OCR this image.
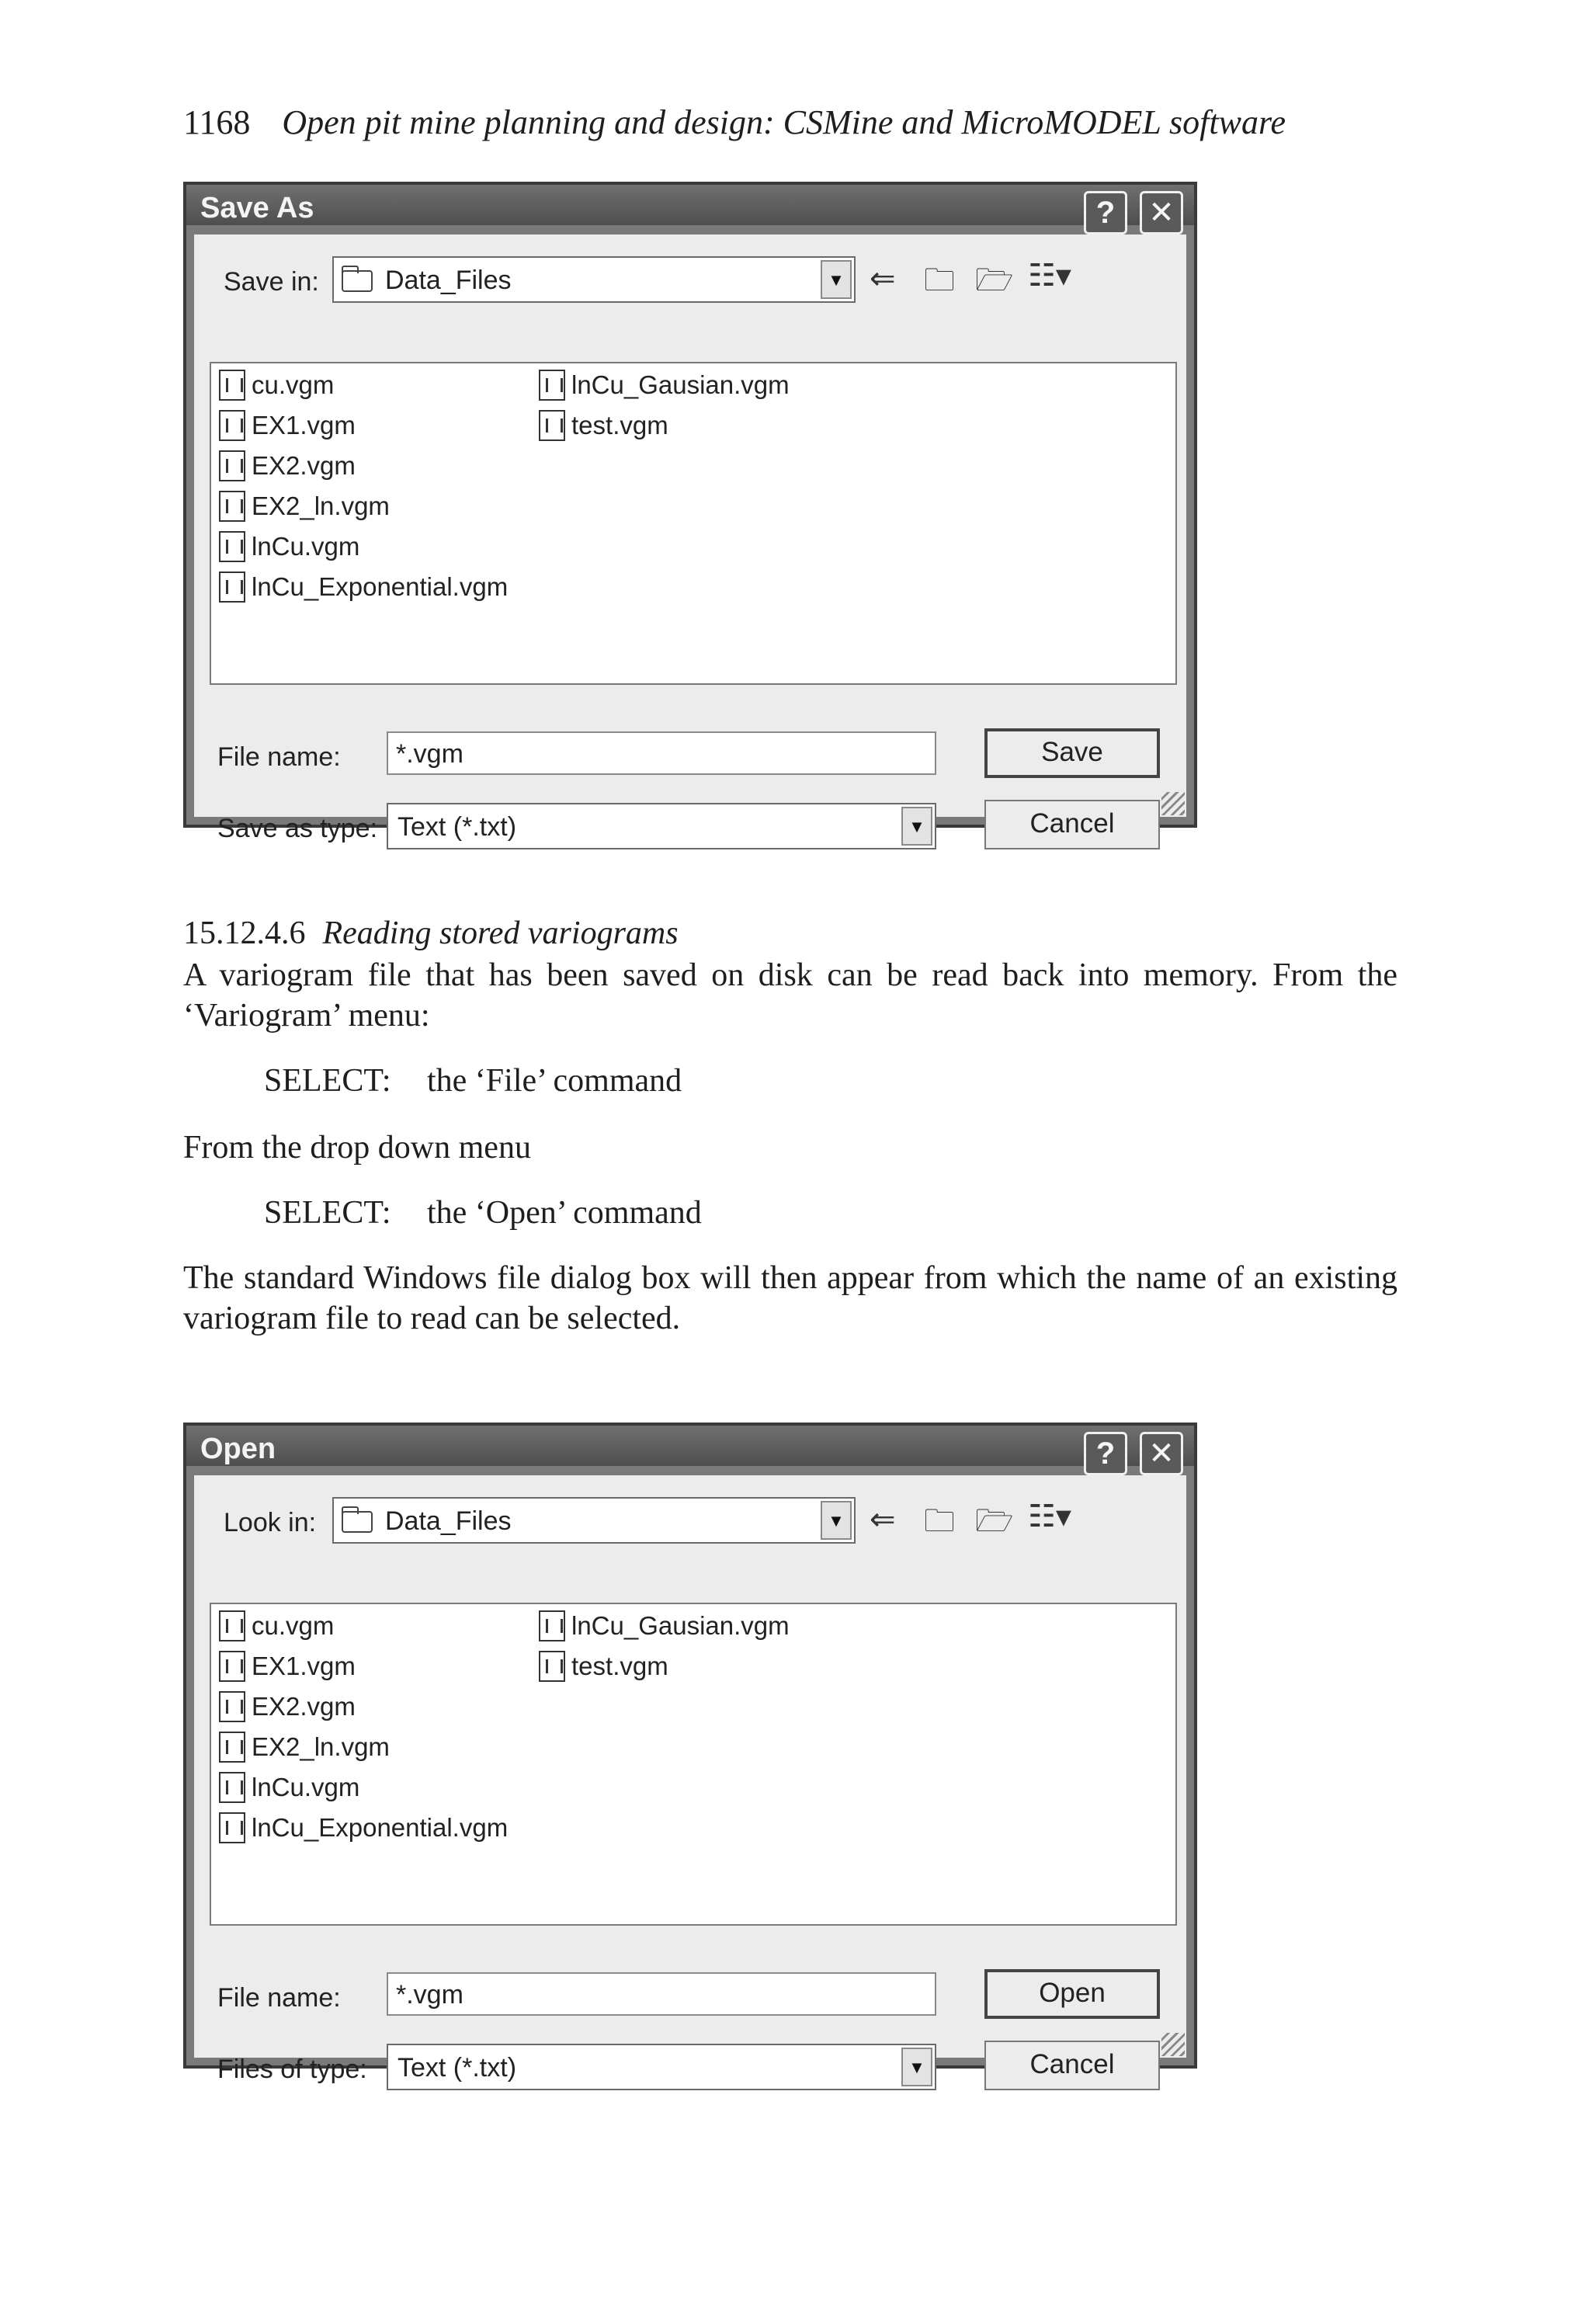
1168 Open pit mine planning and design: CSMine and MicroMODEL software
Save As	?	✕
Save in:	Data_Files	▼ ⇐ 🗀 🗁 ☷▾
cu.vgm
EX1.vgm
EX2.vgm
EX2_ln.vgm
lnCu.vgm
lnCu_Exponential.vgm
lnCu_Gausian.vgm
test.vgm
File name:
*.vgm	Save
Save as type: Text (*.txt)	▼	Cancel
15.12.4.6 Reading stored variograms
A variogram file that has been saved on disk can be read back into memory. From the ‘Variogram’ menu:
SELECT: the ‘File’ command
From the drop down menu
SELECT: the ‘Open’ command
The standard Windows file dialog box will then appear from which the name of an existing variogram file to read can be selected.
Open	?	✕
Look in:	Data_Files	▼ ⇐ 🗀 🗁 ☷▾
cu.vgm
EX1.vgm
EX2.vgm
EX2_ln.vgm
lnCu.vgm
lnCu_Exponential.vgm
lnCu_Gausian.vgm
test.vgm
File name:
*.vgm	Open
Files of type: Text (*.txt)	▼	Cancel
